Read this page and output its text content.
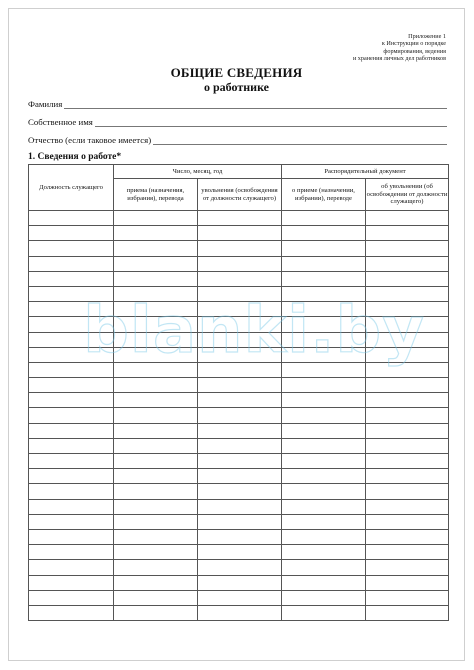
Приложение 1
к Инструкции о порядке
формирования, ведения
и хранения личных дел работников
ОБЩИЕ СВЕДЕНИЯ
о работнике
Фамилия
Собственное имя
Отчество (если таковое имеется)
1. Сведения о работе*
Должность служащего	Число, месяц, год		Распорядительный документ	
	приема (назначения, избрания), перевода	увольнения (освобождения от должности служащего)	о приеме (назначении, избрании), переводе	об увольнении (об освобождении от должности служащего)

blanki.by
